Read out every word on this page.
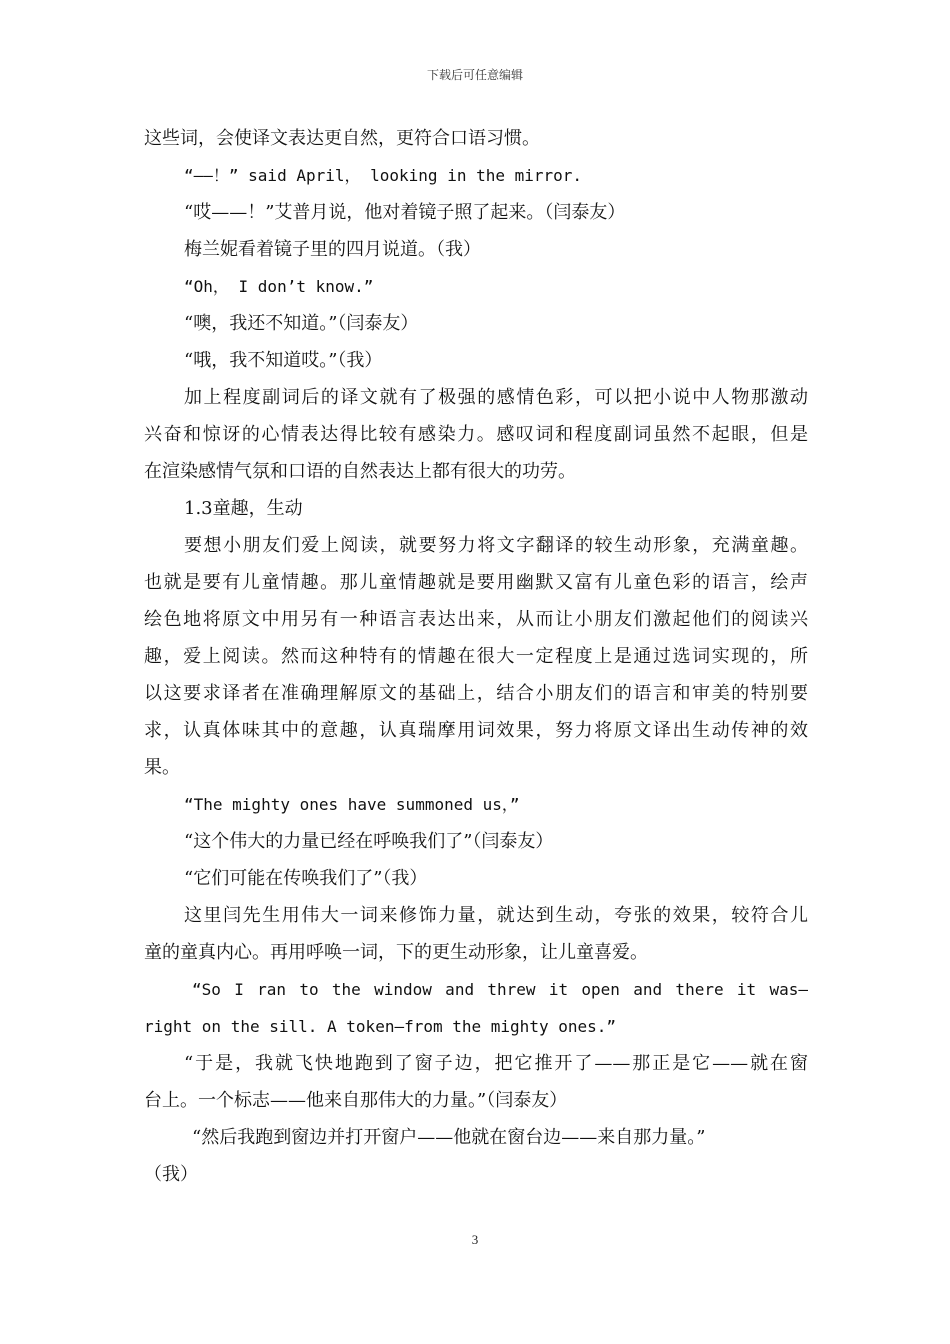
下载后可任意编辑
这些词，会使译文表达更自然，更符合口语习惯。
“——！” said April， looking in the mirror.
“哎——！”艾普月说，他对着镜子照了起来。（闫泰友）
梅兰妮看着镜子里的四月说道。（我）
“Oh， I don’t know.”
“噢，我还不知道。”（闫泰友）
“哦，我不知道哎。”（我）
加上程度副词后的译文就有了极强的感情色彩，可以把小说中人物那激动
兴奋和惊讶的心情表达得比较有感染力。感叹词和程度副词虽然不起眼，但是
在渲染感情气氛和口语的自然表达上都有很大的功劳。
1.3童趣，生动
要想小朋友们爱上阅读，就要努力将文字翻译的较生动形象，充满童趣。
也就是要有儿童情趣。那儿童情趣就是要用幽默又富有儿童色彩的语言，绘声
绘色地将原文中用另有一种语言表达出来，从而让小朋友们激起他们的阅读兴
趣，爱上阅读。然而这种特有的情趣在很大一定程度上是通过选词实现的，所
以这要求译者在准确理解原文的基础上，结合小朋友们的语言和审美的特别要
求，认真体味其中的意趣，认真瑞摩用词效果，努力将原文译出生动传神的效
果。
“The mighty ones have summoned us，”
“这个伟大的力量已经在呼唤我们了”（闫泰友）
“它们可能在传唤我们了”（我）
这里闫先生用伟大一词来修饰力量，就达到生动，夸张的效果，较符合儿
童的童真内心。再用呼唤一词，下的更生动形象，让儿童喜爱。
“So I ran to the window and threw it open and there it was—
right on the sill. A token—from the mighty ones.”
“于是，我就飞快地跑到了窗子边，把它推开了——那正是它——就在窗
台上。一个标志——他来自那伟大的力量。”（闫泰友）
“然后我跑到窗边并打开窗户——他就在窗台边——来自那力量。”
（我）
3
